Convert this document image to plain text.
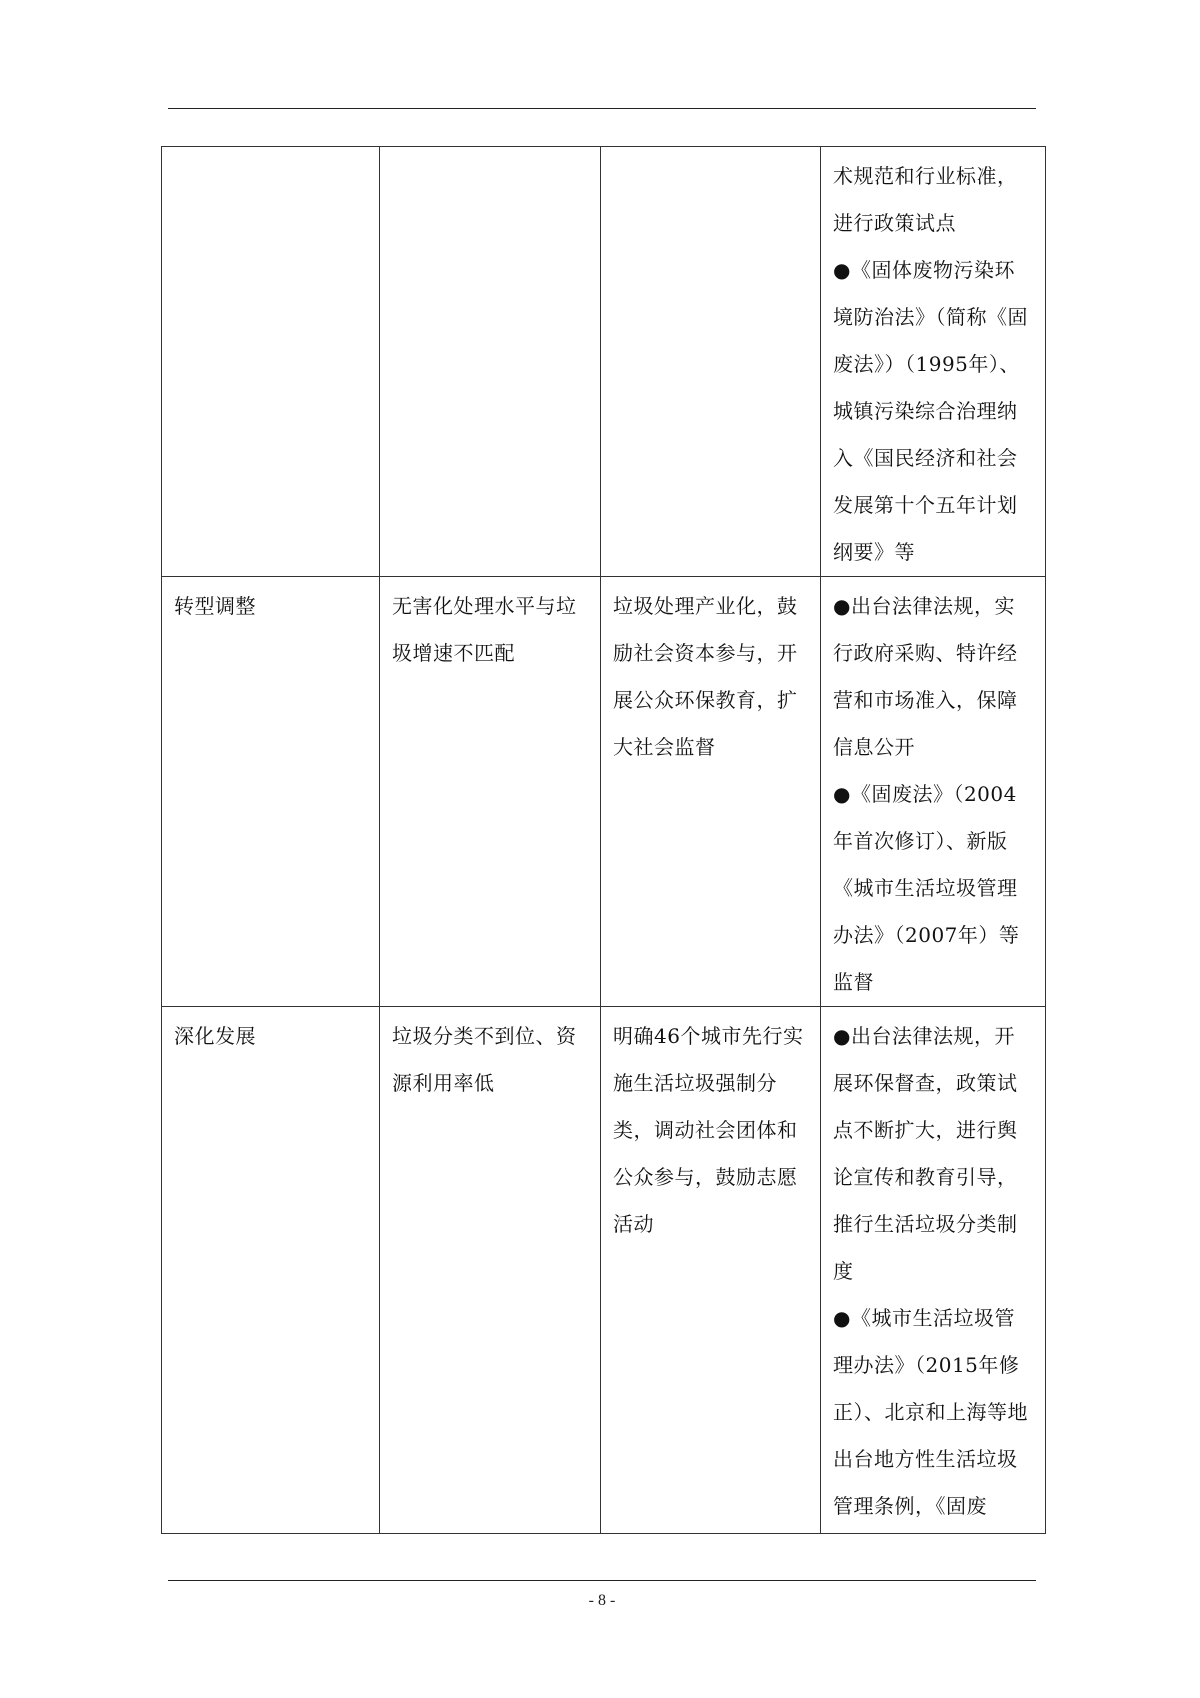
			术规范和行业标准，进行政策试点

●《固体废物污染环境防治法》（简称《固废法》）（1995年）、城镇污染综合治理纳入《国民经济和社会发展第十个五年计划纲要》等

转型调整	无害化处理水平与垃圾增速不匹配	垃圾处理产业化，鼓励社会资本参与，开展公众环保教育，扩大社会监督	●出台法律法规，实行政府采购、特许经营和市场准入，保障信息公开

●《固废法》（2004年首次修订）、新版《城市生活垃圾管理办法》（2007年）等监督

深化发展	垃圾分类不到位、资源利用率低	明确46个城市先行实施生活垃圾强制分类，调动社会团体和公众参与，鼓励志愿活动	●出台法律法规，开展环保督查，政策试点不断扩大，进行舆论宣传和教育引导，推行生活垃圾分类制度

●《城市生活垃圾管理办法》（2015年修正）、北京和上海等地出台地方性生活垃圾管理条例，《固废

- 8 -
